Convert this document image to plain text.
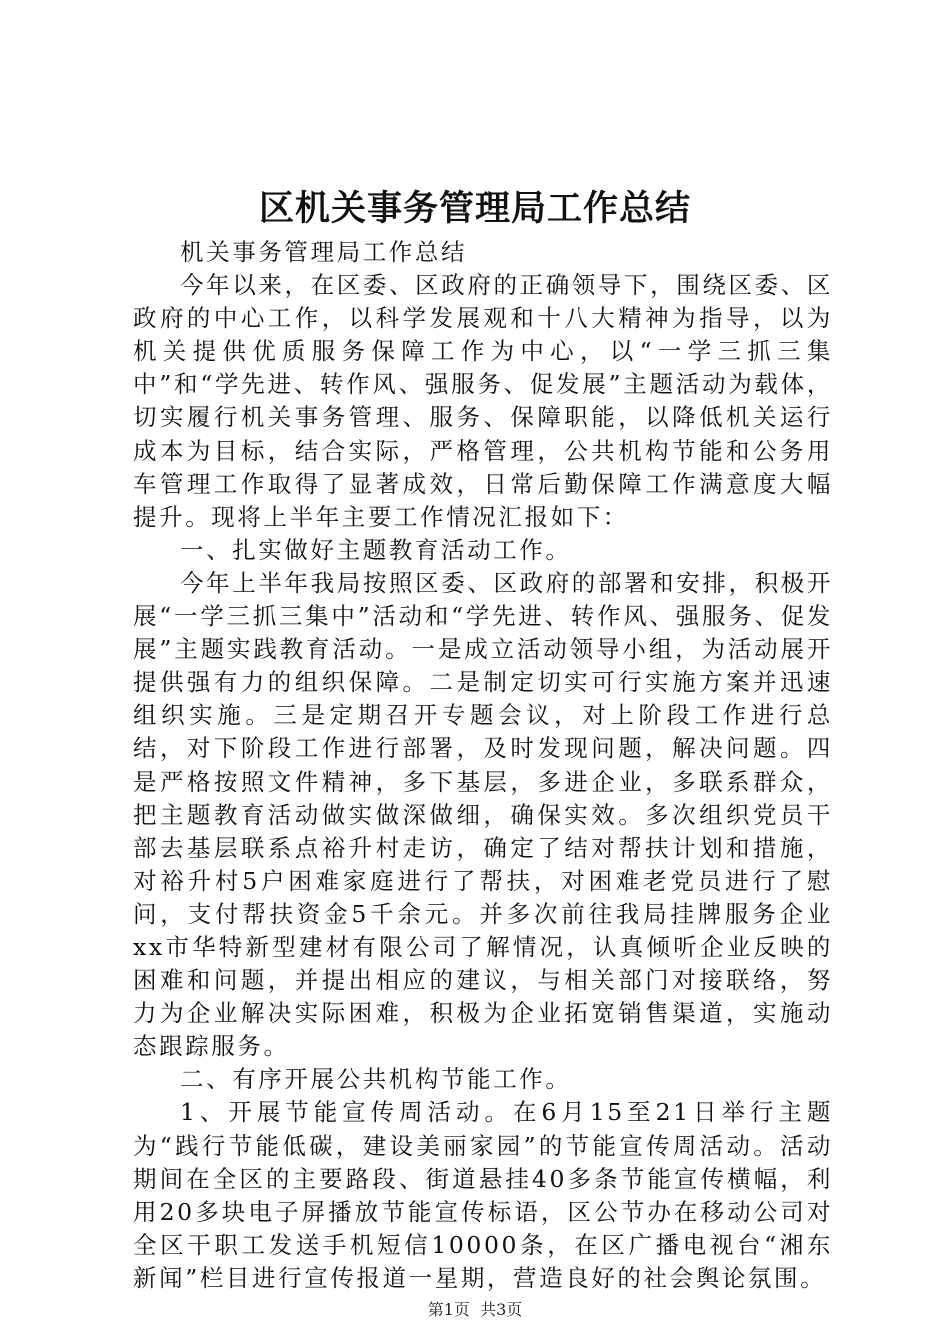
区机关事务管理局工作总结

机关事务管理局工作总结

今年以来，在区委、区政府的正确领导下，围绕区委、区政府的中心工作，以科学发展观和十八大精神为指导，以为机关提供优质服务保障工作为中心，以“一学三抓三集中”和“学先进、转作风、强服务、促发展”主题活动为载体，切实履行机关事务管理、服务、保障职能，以降低机关运行成本为目标，结合实际，严格管理，公共机构节能和公务用车管理工作取得了显著成效，日常后勤保障工作满意度大幅提升。现将上半年主要工作情况汇报如下：

一、扎实做好主题教育活动工作。

今年上半年我局按照区委、区政府的部署和安排，积极开展“一学三抓三集中”活动和“学先进、转作风、强服务、促发展”主题实践教育活动。一是成立活动领导小组，为活动展开提供强有力的组织保障。二是制定切实可行实施方案并迅速组织实施。三是定期召开专题会议，对上阶段工作进行总结，对下阶段工作进行部署，及时发现问题，解决问题。四是严格按照文件精神，多下基层，多进企业，多联系群众，把主题教育活动做实做深做细，确保实效。多次组织党员干部去基层联系点裕升村走访，确定了结对帮扶计划和措施，对裕升村5户困难家庭进行了帮扶，对困难老党员进行了慰问，支付帮扶资金5千余元。并多次前往我局挂牌服务企业xx市华特新型建材有限公司了解情况，认真倾听企业反映的困难和问题，并提出相应的建议，与相关部门对接联络，努力为企业解决实际困难，积极为企业拓宽销售渠道，实施动态跟踪服务。

二、有序开展公共机构节能工作。

1、开展节能宣传周活动。在6月15至21日举行主题为“践行节能低碳，建设美丽家园”的节能宣传周活动。活动期间在全区的主要路段、街道悬挂40多条节能宣传横幅，利用20多块电子屏播放节能宣传标语，区公节办在移动公司对全区干职工发送手机短信10000条，在区广播电视台“湘东新闻”栏目进行宣传报道一星期，营造良好的社会舆论氛围。

第1页 共3页
